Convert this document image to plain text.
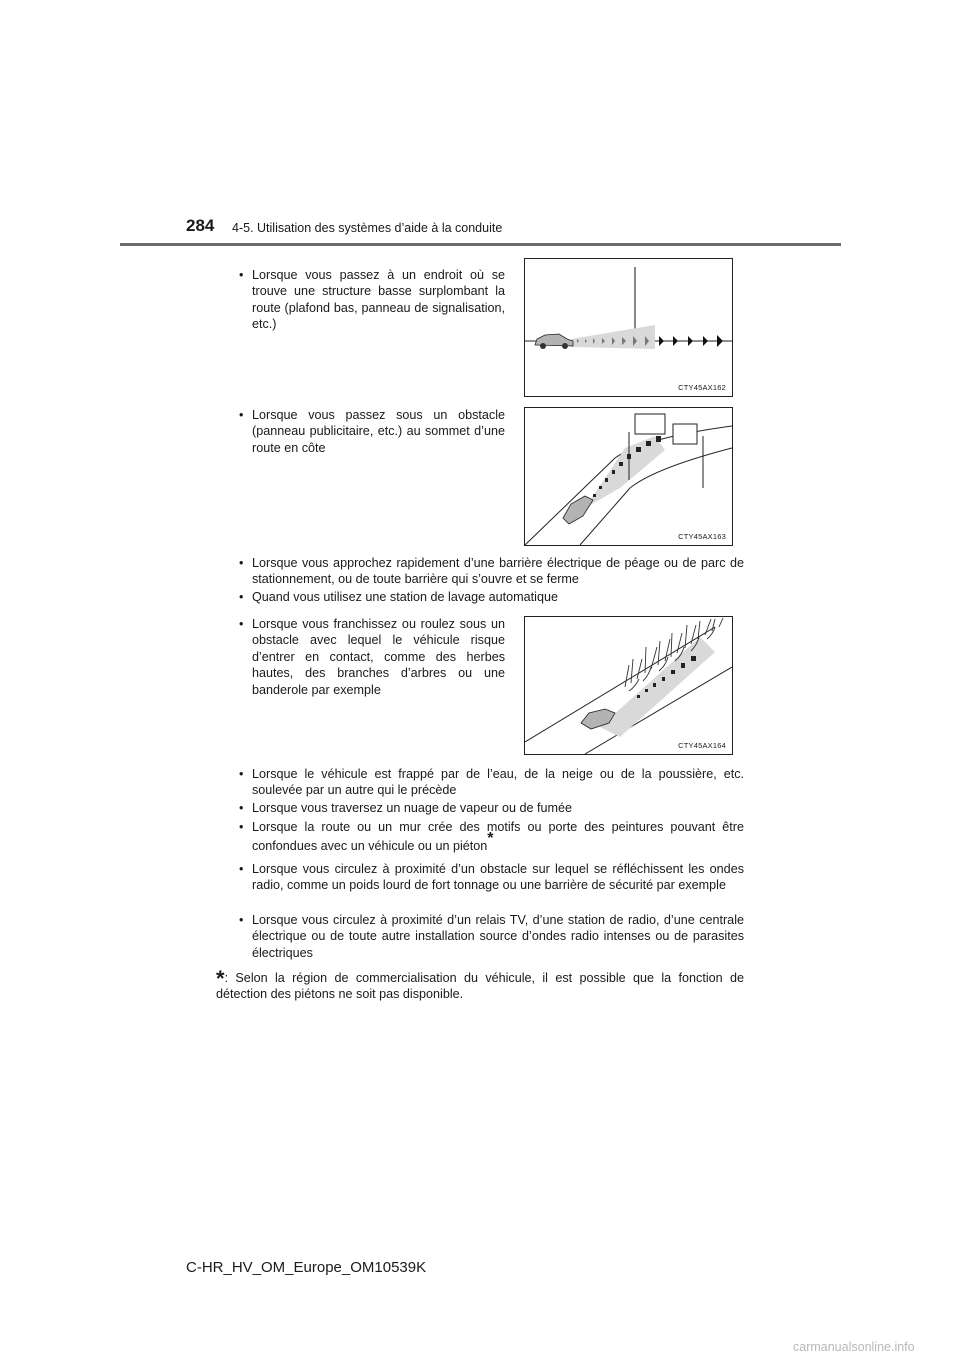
284 4-5. Utilisation des systèmes d’aide à la conduite
• Lorsque vous passez à un endroit où se trouve une structure basse surplombant la route (plafond bas, panneau de signalisation, etc.)
CTY45AX162
• Lorsque vous passez sous un obstacle (panneau publicitaire, etc.) au sommet d’une route en côte
CTY45AX163
• Lorsque vous approchez rapidement d’une barrière électrique de péage ou de parc de stationnement, ou de toute barrière qui s’ouvre et se ferme
• Quand vous utilisez une station de lavage automatique
• Lorsque vous franchissez ou roulez sous un obstacle avec lequel le véhicule risque d’entrer en contact, comme des herbes hautes, des branches d’arbres ou une banderole par exemple
CTY45AX164
• Lorsque le véhicule est frappé par de l’eau, de la neige ou de la poussière, etc. soulevée par un autre qui le précède
• Lorsque vous traversez un nuage de vapeur ou de fumée
• Lorsque la route ou un mur crée des motifs ou porte des peintures pouvant être confondues avec un véhicule ou un piéton*
• Lorsque vous circulez à proximité d’un obstacle sur lequel se réfléchissent les ondes radio, comme un poids lourd de fort tonnage ou une barrière de sécurité par exemple
• Lorsque vous circulez à proximité d’un relais TV, d’une station de radio, d’une centrale électrique ou de toute autre installation source d’ondes radio intenses ou de parasites électriques
*: Selon la région de commercialisation du véhicule, il est possible que la fonction de détection des piétons ne soit pas disponible.
C-HR_HV_OM_Europe_OM10539K
carmanualsonline.info
